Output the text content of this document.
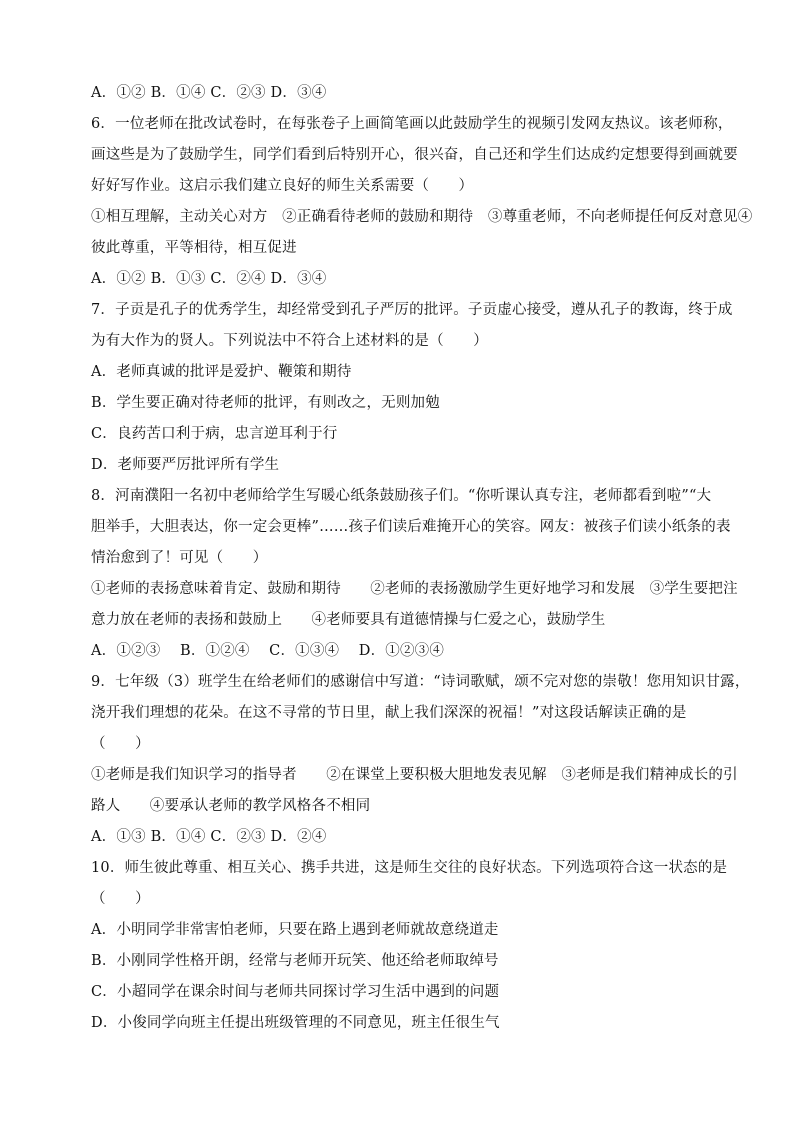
A．①② B．①④ C．②③ D．③④
6．一位老师在批改试卷时，在每张卷子上画简笔画以此鼓励学生的视频引发网友热议。该老师称，
画这些是为了鼓励学生，同学们看到后特别开心，很兴奋，自己还和学生们达成约定想要得到画就要
好好写作业。这启示我们建立良好的师生关系需要（　　）
①相互理解，主动关心对方　②正确看待老师的鼓励和期待　③尊重老师，不向老师提任何反对意见④
彼此尊重，平等相待，相互促进
A．①② B．①③ C．②④ D．③④
7．子贡是孔子的优秀学生，却经常受到孔子严厉的批评。子贡虚心接受，遵从孔子的教诲，终于成
为有大作为的贤人。下列说法中不符合上述材料的是（　　）
A．老师真诚的批评是爱护、鞭策和期待
B．学生要正确对待老师的批评，有则改之，无则加勉
C．良药苦口利于病，忠言逆耳利于行
D．老师要严厉批评所有学生
8．河南濮阳一名初中老师给学生写暖心纸条鼓励孩子们。“你听课认真专注，老师都看到啦”“大
胆举手，大胆表达，你一定会更棒”……孩子们读后难掩开心的笑容。网友：被孩子们读小纸条的表
情治愈到了！可见（　　）
①老师的表扬意味着肯定、鼓励和期待　　②老师的表扬激励学生更好地学习和发展　③学生要把注
意力放在老师的表扬和鼓励上　　④老师要具有道德情操与仁爱之心，鼓励学生
A．①②③　 B．①②④　 C．①③④　 D．①②③④
9．七年级（3）班学生在给老师们的感谢信中写道：“诗词歌赋，颂不完对您的崇敬！您用知识甘露，
浇开我们理想的花朵。在这不寻常的节日里，献上我们深深的祝福！”对这段话解读正确的是
（　　）
①老师是我们知识学习的指导者　　②在课堂上要积极大胆地发表见解　③老师是我们精神成长的引
路人　　④要承认老师的教学风格各不相同
A．①③ B．①④ C．②③ D．②④
10．师生彼此尊重、相互关心、携手共进，这是师生交往的良好状态。下列选项符合这一状态的是
（　　）
A．小明同学非常害怕老师，只要在路上遇到老师就故意绕道走
B．小刚同学性格开朗，经常与老师开玩笑、他还给老师取绰号
C．小超同学在课余时间与老师共同探讨学习生活中遇到的问题
D．小俊同学向班主任提出班级管理的不同意见，班主任很生气
